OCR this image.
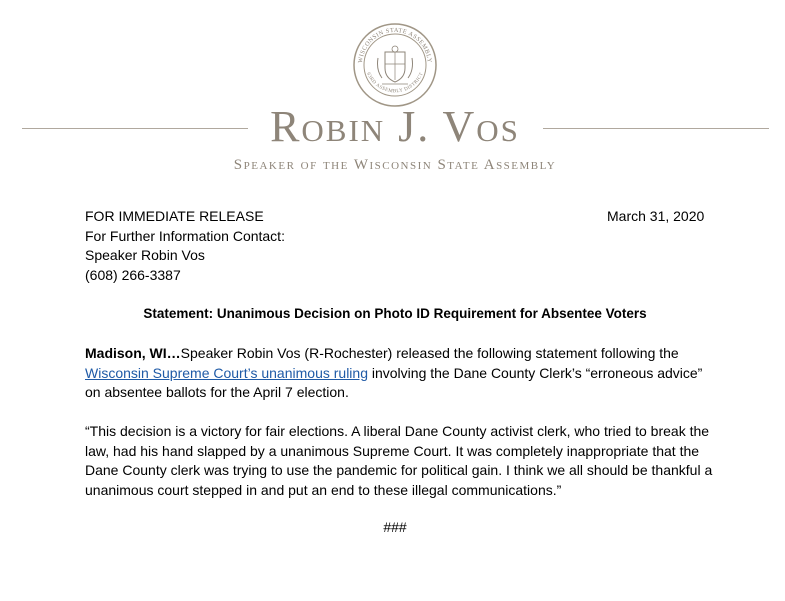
WISCONSIN STATE ASSEMBLY
63RD ASSEMBLY DISTRICT
Robin J. Vos
Speaker of the Wisconsin State Assembly
FOR IMMEDIATE RELEASE
For Further Information Contact:
Speaker Robin Vos
(608) 266-3387
March 31, 2020
Statement: Unanimous Decision on Photo ID Requirement for Absentee Voters
Madison, WI…Speaker Robin Vos (R-Rochester) released the following statement following the Wisconsin Supreme Court’s unanimous ruling involving the Dane County Clerk’s “erroneous advice” on absentee ballots for the April 7 election.
“This decision is a victory for fair elections. A liberal Dane County activist clerk, who tried to break the law, had his hand slapped by a unanimous Supreme Court. It was completely inappropriate that the Dane County clerk was trying to use the pandemic for political gain. I think we all should be thankful a unanimous court stepped in and put an end to these illegal communications.”
###
